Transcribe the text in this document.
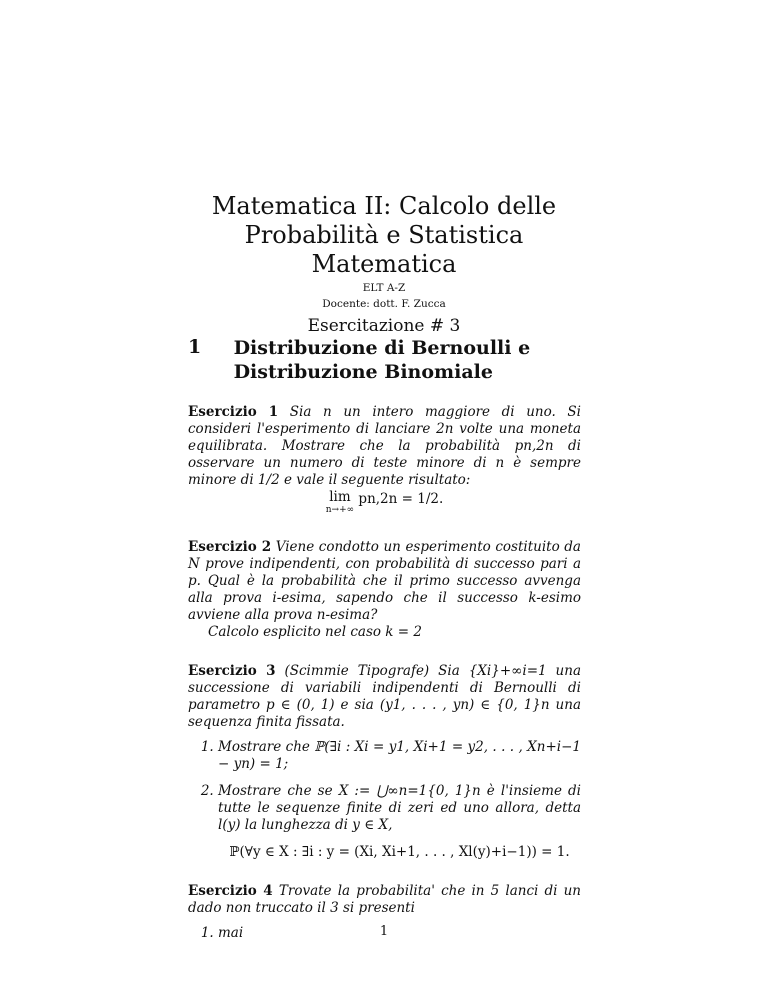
Matematica II: Calcolo delle Probabilità e Statistica Matematica
ELT A-Z
Docente: dott. F. Zucca
Esercitazione # 3
1	Distribuzione di Bernoulli e Distribuzione Binomiale
Esercizio 1 Sia n un intero maggiore di uno. Si consideri l'esperimento di lanciare 2n volte una moneta equilibrata. Mostrare che la probabilità pn,2n di osservare un numero di teste minore di n è sempre minore di 1/2 e vale il seguente risultato:
lim
n→+∞
pn,2n = 1/2.
Esercizio 2 Viene condotto un esperimento costituito da N prove indipendenti, con probabilità di successo pari a p. Qual è la probabilità che il primo successo avvenga alla prova i-esima, sapendo che il successo k-esimo avviene alla prova n-esima?
Calcolo esplicito nel caso k = 2
Esercizio 3 (Scimmie Tipografe) Sia {Xi}+∞i=1 una successione di variabili indipendenti di Bernoulli di parametro p ∈ (0, 1) e sia (y1, . . . , yn) ∈ {0, 1}n una sequenza finita fissata.
1. Mostrare che ℙ(∃i : Xi = y1, Xi+1 = y2, . . . , Xn+i−1 − yn) = 1;
2. Mostrare che se X := ⋃∞n=1{0, 1}n è l'insieme di tutte le sequenze finite di zeri ed uno allora, detta l(y) la lunghezza di y ∈ X,
ℙ(∀y ∈ X : ∃i : y = (Xi, Xi+1, . . . , Xl(y)+i−1)) = 1.
Esercizio 4 Trovate la probabilita' che in 5 lanci di un dado non truccato il 3 si presenti
1. mai	1
